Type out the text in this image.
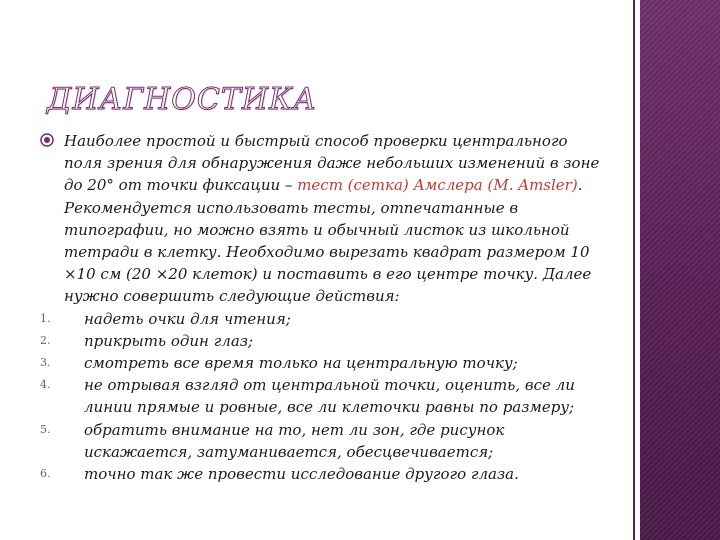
ДИАГНОСТИКА
Наиболее простой и быстрый способ проверки центрального поля зрения для обнаружения даже небольших изменений в зоне до 20° от точки фиксации – тест (сетка) Амслера (M. Amsler). Рекомендуется использовать тесты, отпечатанные в типографии, но можно взять и обычный листок из школьной тетради в клетку. Необходимо вырезать квадрат размером 10 ×10 см (20 ×20 клеток) и поставить в его центре точку. Далее нужно совершить следующие действия:
1. надеть очки для чтения;
2. прикрыть один глаз;
3. смотреть все время только на центральную точку;
4. не отрывая взгляд от центральной точки, оценить, все ли линии прямые и ровные, все ли клеточки равны по размеру;
5. обратить внимание на то, нет ли зон, где рисунок искажается, затуманивается, обесцвечивается;
6. точно так же провести исследование другого глаза.
